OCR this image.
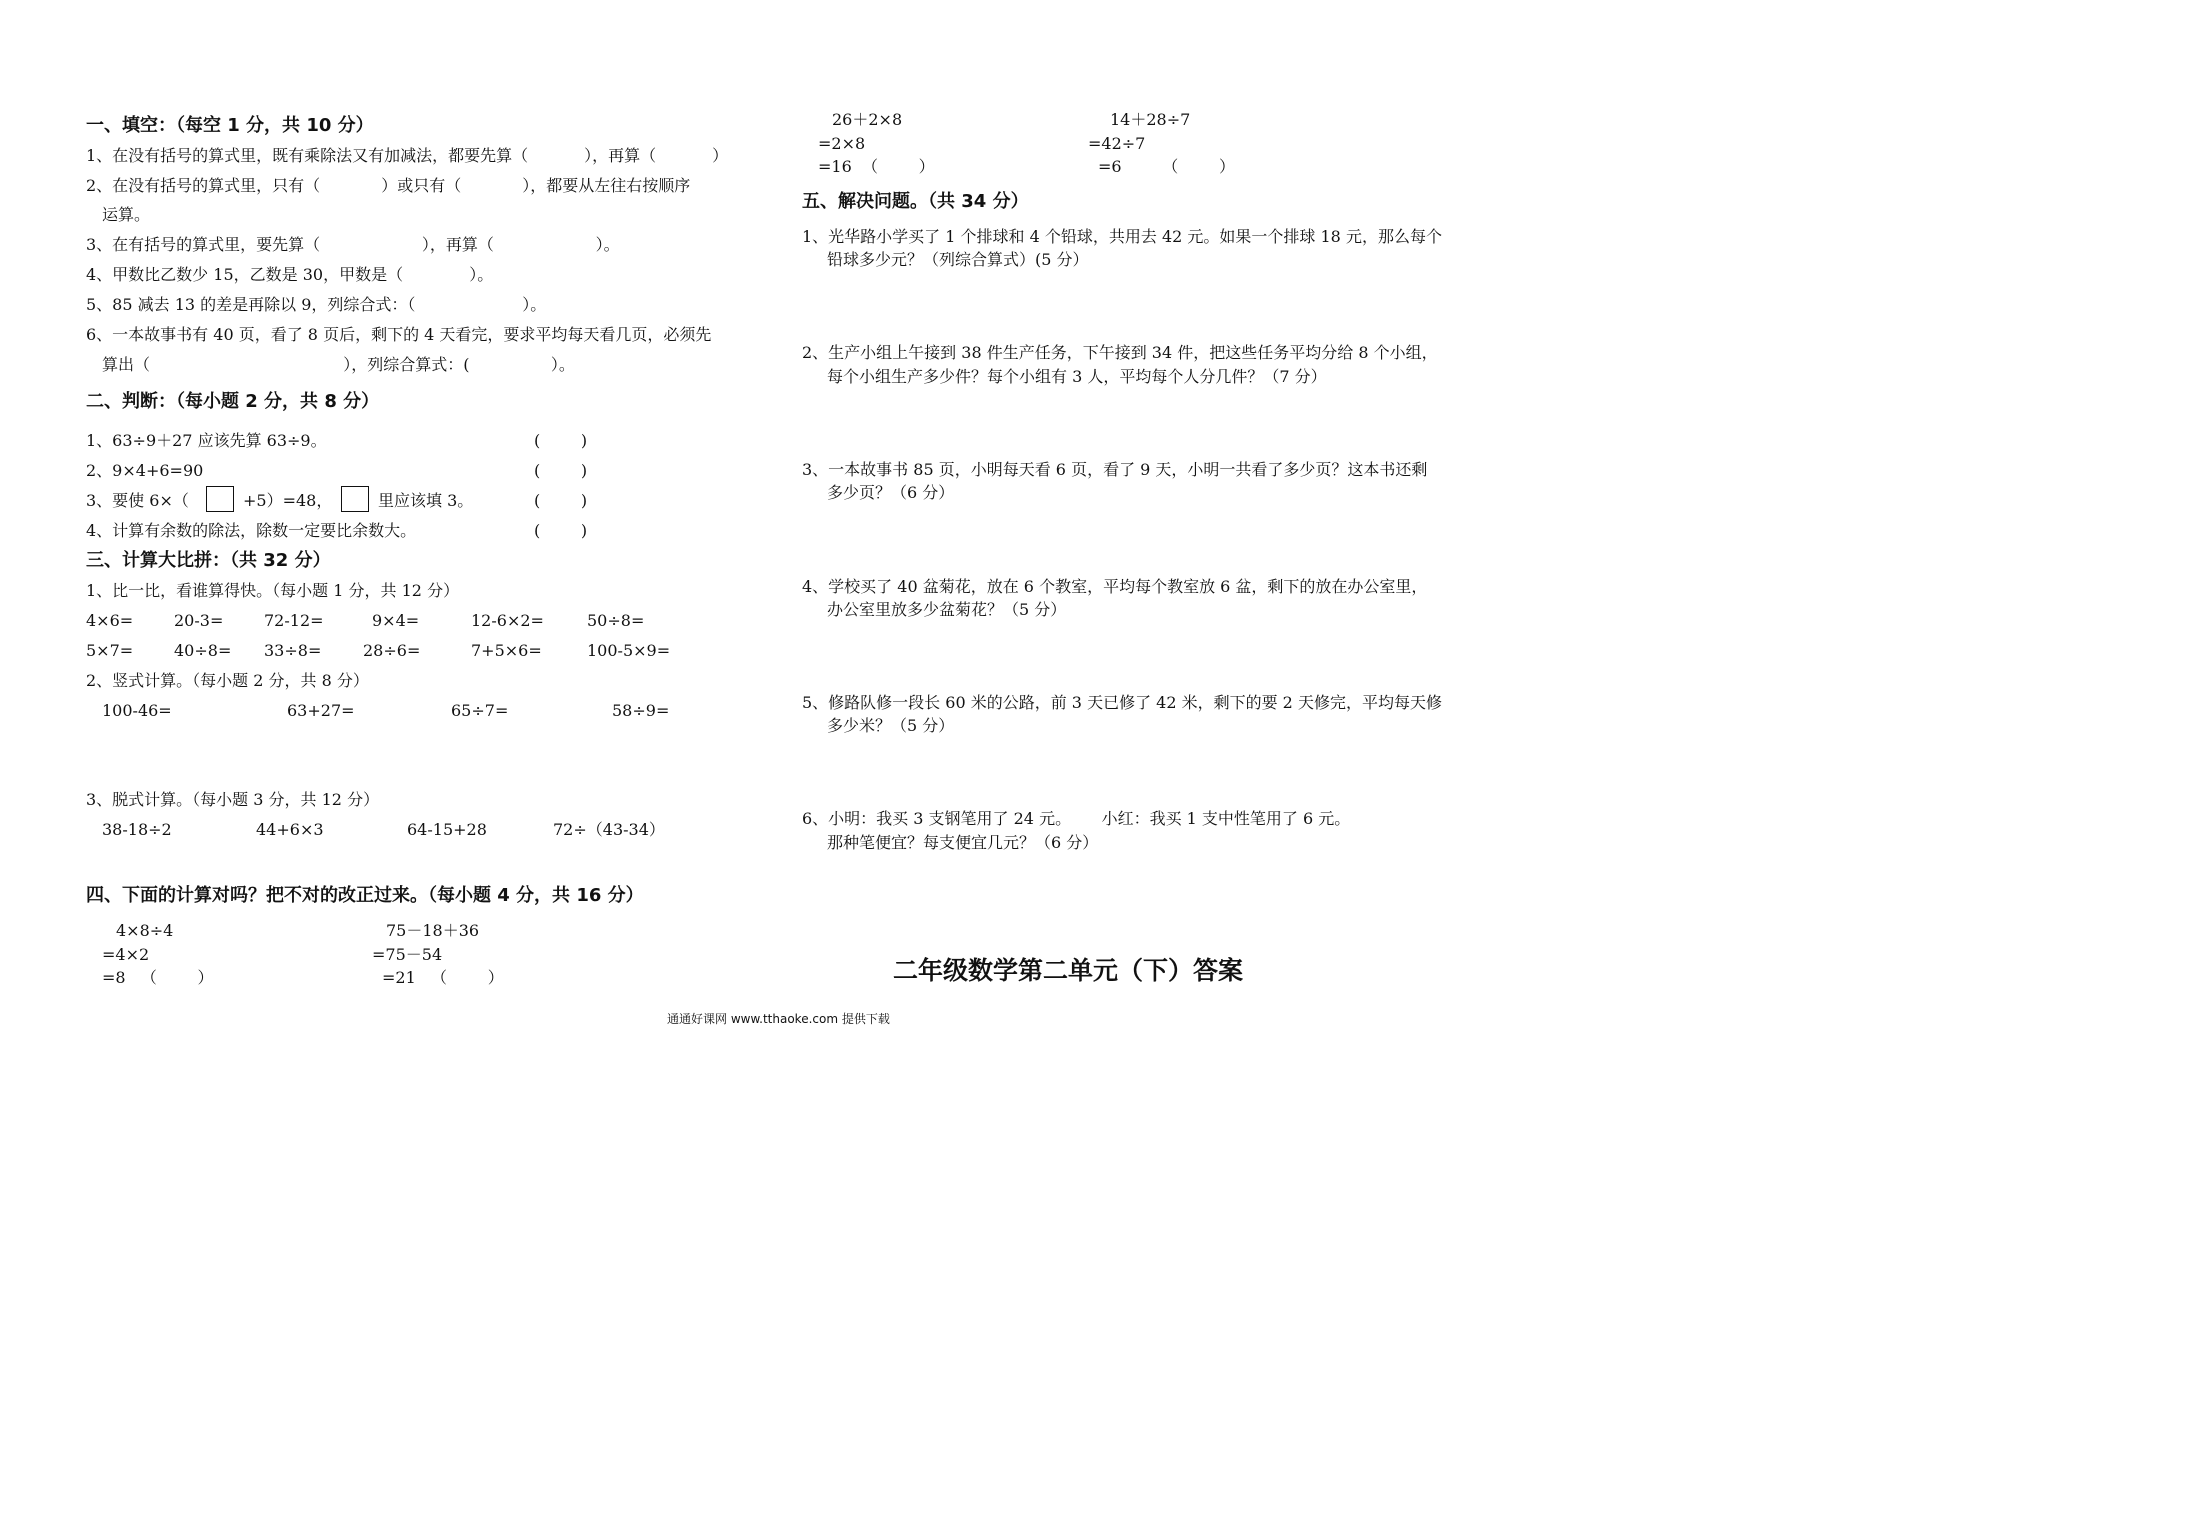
一、填空：（每空 1 分，共 10 分）
1、在没有括号的算式里，既有乘除法又有加减法，都要先算（           ），再算（           ）
2、在没有括号的算式里，只有（            ）或只有（            ），都要从左往右按顺序
运算。
3、在有括号的算式里，要先算（                    ），再算（                    ）。
4、甲数比乙数少 15，乙数是 30，甲数是（             ）。
5、85 减去 13 的差是再除以 9，列综合式：（                     ）。
6、一本故事书有 40 页，看了 8 页后，剩下的 4 天看完，要求平均每天看几页，必须先
算出（                                      ），列综合算式：(                ）。
二、判断：（每小题 2 分，共 8 分）
1、63÷9＋27 应该先算 63÷9。	(        )
2、9×4+6=90	(        )
3、要使 6×（	+5）=48，	里应该填 3。	(        )
4、计算有余数的除法，除数一定要比余数大。	(        )
三、计算大比拼：（共 32 分）
1、比一比，看谁算得快。（每小题 1 分，共 12 分）
4×6=	20-3=	72-12=	9×4=	12-6×2=	50÷8=
5×7=	40÷8= 33÷8=	28÷6=	7+5×6=	100-5×9=
2、竖式计算。（每小题 2 分，共 8 分）
100-46=	63+27=	65÷7=	58÷9=
3、脱式计算。（每小题 3 分，共 12 分）
38-18÷2	44+6×3	64-15+28	72÷（43-34）
四、下面的计算对吗？把不对的改正过来。（每小题 4 分，共 16 分）
4×8÷4
=4×2
=8   （        ）
75－18＋36
=75－54
=21   （        ）
26＋2×8
=2×8
=16  （        ）
14＋28÷7
=42÷7
=6        （        ）
五、解决问题。（共 34 分）
1、光华路小学买了 1 个排球和 4 个铅球，共用去 42 元。如果一个排球 18 元，那么每个
铅球多少元？（列综合算式）(5 分）
2、生产小组上午接到 38 件生产任务，下午接到 34 件，把这些任务平均分给 8 个小组，
每个小组生产多少件？每个小组有 3 人，平均每个人分几件？（7 分）
3、一本故事书 85 页，小明每天看 6 页，看了 9 天，小明一共看了多少页？这本书还剩
多少页？（6 分）
4、学校买了 40 盆菊花，放在 6 个教室，平均每个教室放 6 盆，剩下的放在办公室里，
办公室里放多少盆菊花？（5 分）
5、修路队修一段长 60 米的公路，前 3 天已修了 42 米，剩下的要 2 天修完，平均每天修
多少米？（5 分）
6、小明：我买 3 支钢笔用了 24 元。      小红：我买 1 支中性笔用了 6 元。
那种笔便宜？每支便宜几元？（6 分）
二年级数学第二单元（下）答案
通通好课网 www.tthaoke.com 提供下载
